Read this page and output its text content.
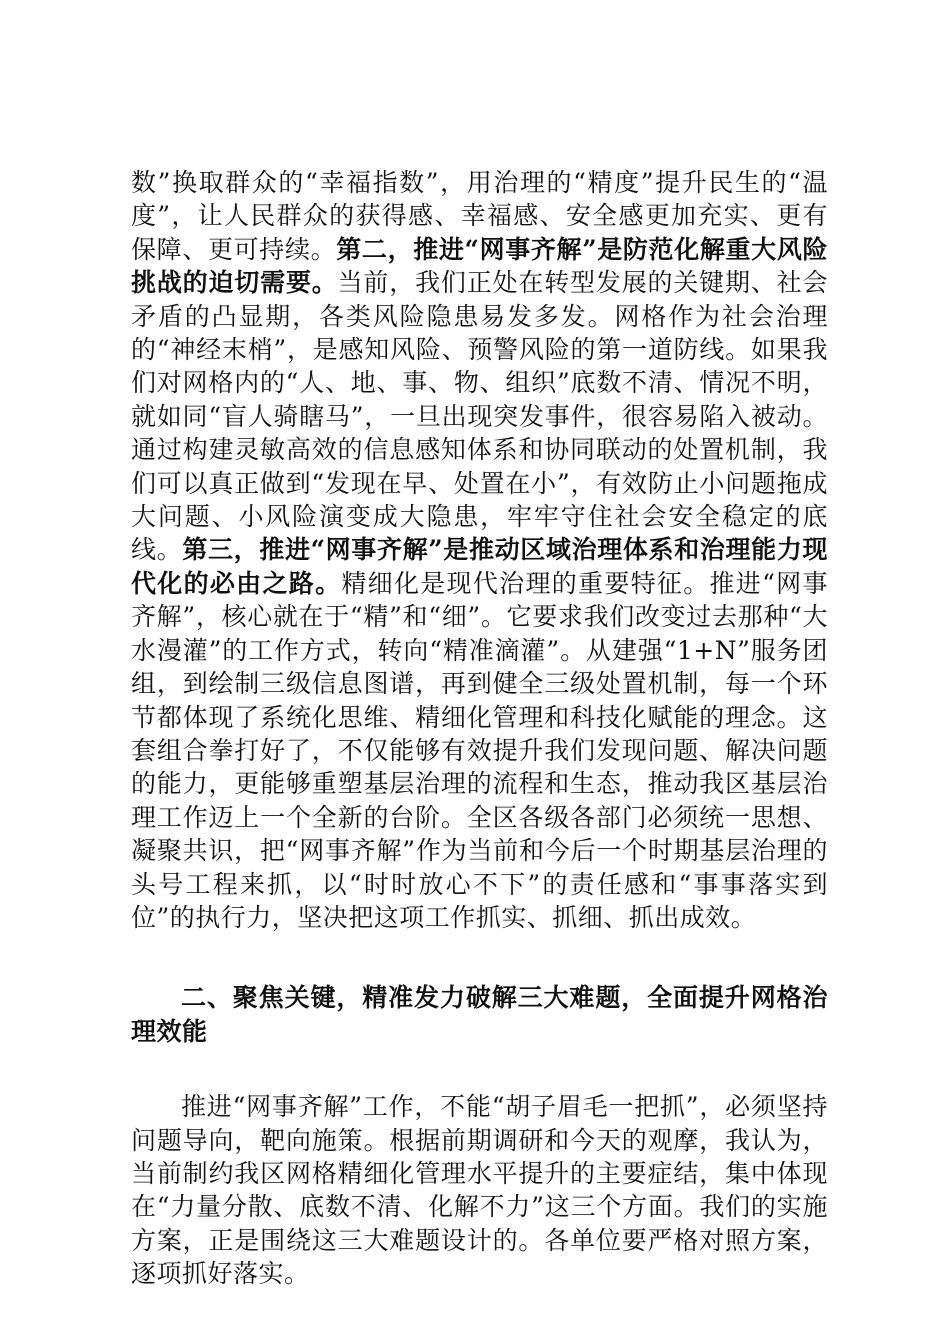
数”换取群众的“幸福指数”，用治理的“精度”提升民生的“温度”，让人民群众的获得感、幸福感、安全感更加充实、更有保障、更可持续。第二，推进“网事齐解”是防范化解重大风险挑战的迫切需要。当前，我们正处在转型发展的关键期、社会矛盾的凸显期，各类风险隐患易发多发。网格作为社会治理的“神经末梢”，是感知风险、预警风险的第一道防线。如果我们对网格内的“人、地、事、物、组织”底数不清、情况不明，就如同“盲人骑瞎马”，一旦出现突发事件，很容易陷入被动。通过构建灵敏高效的信息感知体系和协同联动的处置机制，我们可以真正做到“发现在早、处置在小”，有效防止小问题拖成大问题、小风险演变成大隐患，牢牢守住社会安全稳定的底线。第三，推进“网事齐解”是推动区域治理体系和治理能力现代化的必由之路。精细化是现代治理的重要特征。推进“网事齐解”，核心就在于“精”和“细”。它要求我们改变过去那种“大水漫灌”的工作方式，转向“精准滴灌”。从建强“1+N”服务团组，到绘制三级信息图谱，再到健全三级处置机制，每一个环节都体现了系统化思维、精细化管理和科技化赋能的理念。这套组合拳打好了，不仅能够有效提升我们发现问题、解决问题的能力，更能够重塑基层治理的流程和生态，推动我区基层治理工作迈上一个全新的台阶。全区各级各部门必须统一思想、凝聚共识，把“网事齐解”作为当前和今后一个时期基层治理的头号工程来抓，以“时时放心不下”的责任感和“事事落实到位”的执行力，坚决把这项工作抓实、抓细、抓出成效。

二、聚焦关键，精准发力破解三大难题，全面提升网格治理效能

推进“网事齐解”工作，不能“胡子眉毛一把抓”，必须坚持问题导向，靶向施策。根据前期调研和今天的观摩，我认为，当前制约我区网格精细化管理水平提升的主要症结，集中体现在“力量分散、底数不清、化解不力”这三个方面。我们的实施方案，正是围绕这三大难题设计的。各单位要严格对照方案，逐项抓好落实。
